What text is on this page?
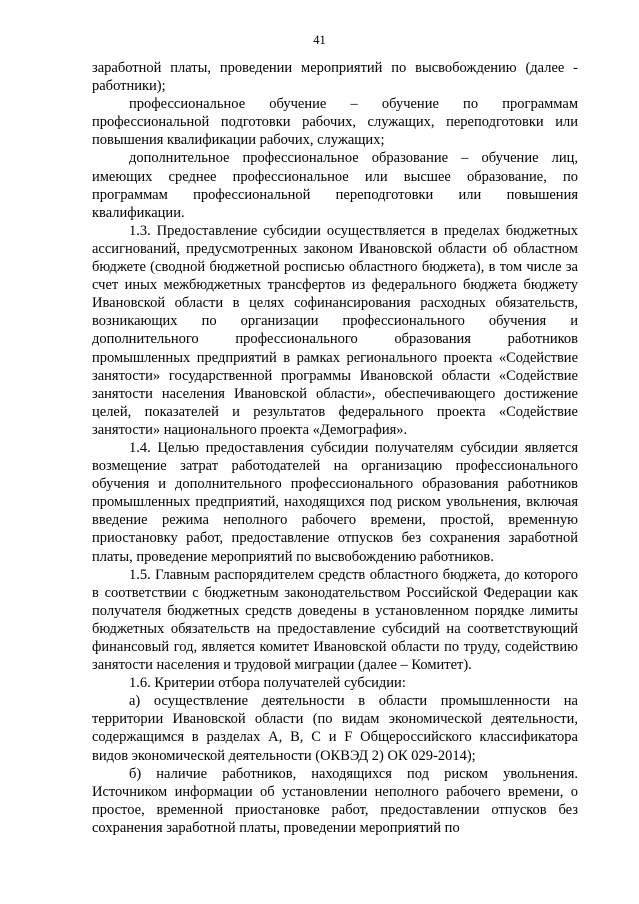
41

заработной платы, проведении мероприятий по высвобождению (далее - работники);

профессиональное обучение – обучение по программам профессиональной подготовки рабочих, служащих, переподготовки или повышения квалификации рабочих, служащих;

дополнительное профессиональное образование – обучение лиц, имеющих среднее профессиональное или высшее образование, по программам профессиональной переподготовки или повышения квалификации.

1.3. Предоставление субсидии осуществляется в пределах бюджетных ассигнований, предусмотренных законом Ивановской области об областном бюджете (сводной бюджетной росписью областного бюджета), в том числе за счет иных межбюджетных трансфертов из федерального бюджета бюджету Ивановской области в целях софинансирования расходных обязательств, возникающих по организации профессионального обучения и дополнительного профессионального образования работников промышленных предприятий в рамках регионального проекта «Содействие занятости» государственной программы Ивановской области «Содействие занятости населения Ивановской области», обеспечивающего достижение целей, показателей и результатов федерального проекта «Содействие занятости» национального проекта «Демография».

1.4. Целью предоставления субсидии получателям субсидии является возмещение затрат работодателей на организацию профессионального обучения и дополнительного профессионального образования работников промышленных предприятий, находящихся под риском увольнения, включая введение режима неполного рабочего времени, простой, временную приостановку работ, предоставление отпусков без сохранения заработной платы, проведение мероприятий по высвобождению работников.

1.5. Главным распорядителем средств областного бюджета, до которого в соответствии с бюджетным законодательством Российской Федерации как получателя бюджетных средств доведены в установленном порядке лимиты бюджетных обязательств на предоставление субсидий на соответствующий финансовый год, является комитет Ивановской области по труду, содействию занятости населения и трудовой миграции (далее – Комитет).

1.6. Критерии отбора получателей субсидии:

а) осуществление деятельности в области промышленности на территории Ивановской области (по видам экономической деятельности, содержащимся в разделах A, B, C и F Общероссийского классификатора видов экономической деятельности (ОКВЭД 2) ОК 029-2014);

б) наличие работников, находящихся под риском увольнения. Источником информации об установлении неполного рабочего времени, о простое, временной приостановке работ, предоставлении отпусков без сохранения заработной платы, проведении мероприятий по
